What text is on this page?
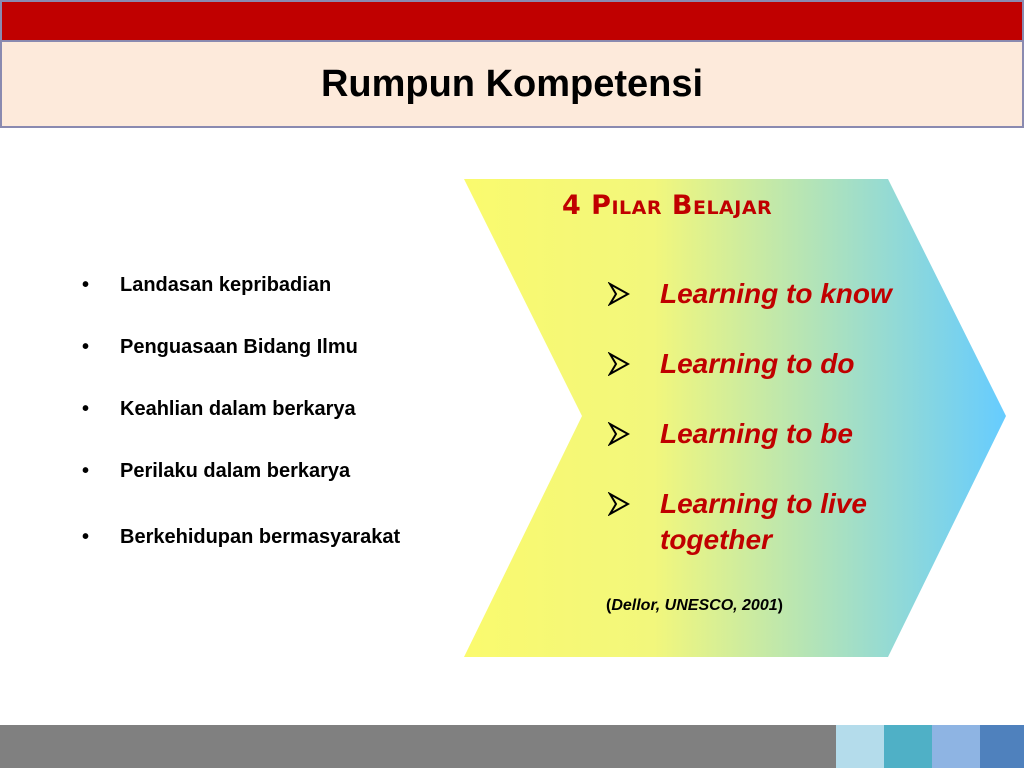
Rumpun Kompetensi
• Landasan kepribadian
• Penguasaan Bidang Ilmu
• Keahlian dalam berkarya
• Perilaku dalam berkarya
• Berkehidupan bermasyarakat
4 Pilar Belajar
Learning to know
Learning to do
Learning to be
Learning to live together
(Dellor, UNESCO, 2001)
